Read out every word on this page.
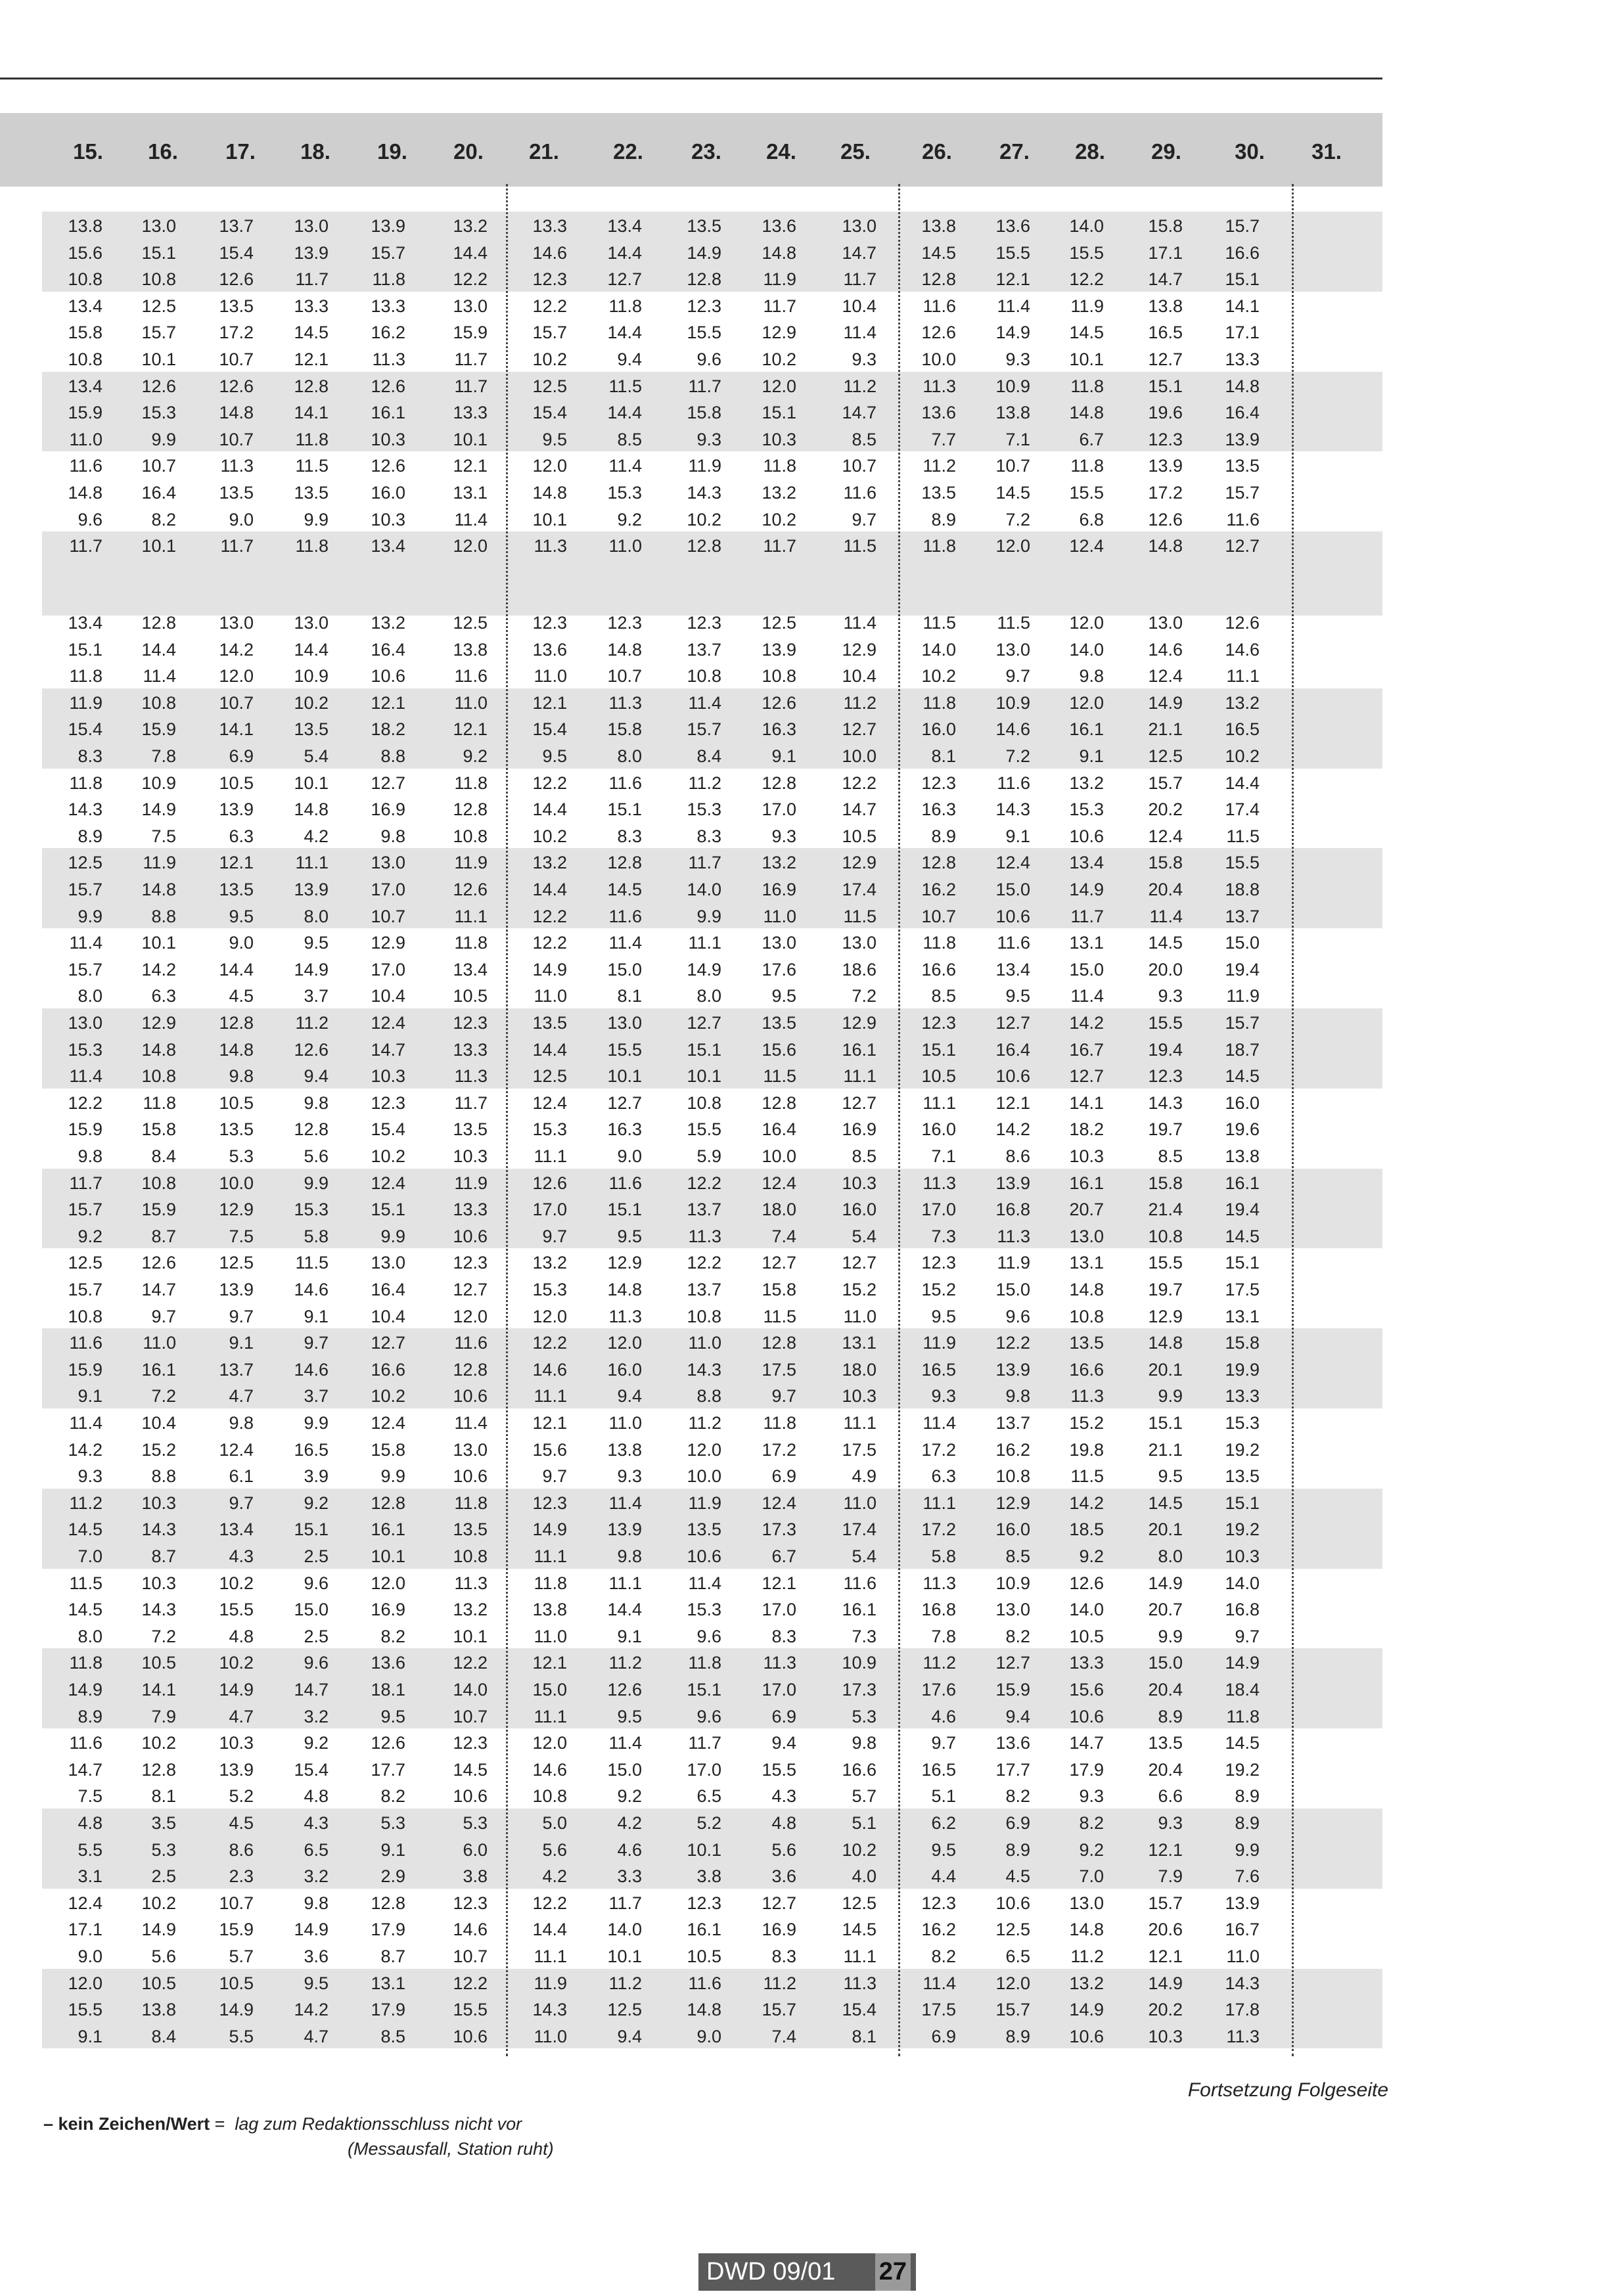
15.	16.	17.	18.	19.	20.	21.	22.	23.	24.	25.	26.	27.	28.	29.	30.	31.
13.8	13.0	13.7	13.0	13.9	13.2	13.3	13.4	13.5	13.6	13.0	13.8	13.6	14.0	15.8	15.7
15.6	15.1	15.4	13.9	15.7	14.4	14.6	14.4	14.9	14.8	14.7	14.5	15.5	15.5	17.1	16.6
10.8	10.8	12.6	11.7	11.8	12.2	12.3	12.7	12.8	11.9	11.7	12.8	12.1	12.2	14.7	15.1
13.4	12.5	13.5	13.3	13.3	13.0	12.2	11.8	12.3	11.7	10.4	11.6	11.4	11.9	13.8	14.1
15.8	15.7	17.2	14.5	16.2	15.9	15.7	14.4	15.5	12.9	11.4	12.6	14.9	14.5	16.5	17.1
10.8	10.1	10.7	12.1	11.3	11.7	10.2	9.4	9.6	10.2	9.3	10.0	9.3	10.1	12.7	13.3
13.4	12.6	12.6	12.8	12.6	11.7	12.5	11.5	11.7	12.0	11.2	11.3	10.9	11.8	15.1	14.8
15.9	15.3	14.8	14.1	16.1	13.3	15.4	14.4	15.8	15.1	14.7	13.6	13.8	14.8	19.6	16.4
11.0	9.9	10.7	11.8	10.3	10.1	9.5	8.5	9.3	10.3	8.5	7.7	7.1	6.7	12.3	13.9
11.6	10.7	11.3	11.5	12.6	12.1	12.0	11.4	11.9	11.8	10.7	11.2	10.7	11.8	13.9	13.5
14.8	16.4	13.5	13.5	16.0	13.1	14.8	15.3	14.3	13.2	11.6	13.5	14.5	15.5	17.2	15.7
9.6	8.2	9.0	9.9	10.3	11.4	10.1	9.2	10.2	10.2	9.7	8.9	7.2	6.8	12.6	11.6
11.7	10.1	11.7	11.8	13.4	12.0	11.3	11.0	12.8	11.7	11.5	11.8	12.0	12.4	14.8	12.7
13.4	12.8	13.0	13.0	13.2	12.5	12.3	12.3	12.3	12.5	11.4	11.5	11.5	12.0	13.0	12.6
15.1	14.4	14.2	14.4	16.4	13.8	13.6	14.8	13.7	13.9	12.9	14.0	13.0	14.0	14.6	14.6
11.8	11.4	12.0	10.9	10.6	11.6	11.0	10.7	10.8	10.8	10.4	10.2	9.7	9.8	12.4	11.1
11.9	10.8	10.7	10.2	12.1	11.0	12.1	11.3	11.4	12.6	11.2	11.8	10.9	12.0	14.9	13.2
15.4	15.9	14.1	13.5	18.2	12.1	15.4	15.8	15.7	16.3	12.7	16.0	14.6	16.1	21.1	16.5
8.3	7.8	6.9	5.4	8.8	9.2	9.5	8.0	8.4	9.1	10.0	8.1	7.2	9.1	12.5	10.2
11.8	10.9	10.5	10.1	12.7	11.8	12.2	11.6	11.2	12.8	12.2	12.3	11.6	13.2	15.7	14.4
14.3	14.9	13.9	14.8	16.9	12.8	14.4	15.1	15.3	17.0	14.7	16.3	14.3	15.3	20.2	17.4
8.9	7.5	6.3	4.2	9.8	10.8	10.2	8.3	8.3	9.3	10.5	8.9	9.1	10.6	12.4	11.5
12.5	11.9	12.1	11.1	13.0	11.9	13.2	12.8	11.7	13.2	12.9	12.8	12.4	13.4	15.8	15.5
15.7	14.8	13.5	13.9	17.0	12.6	14.4	14.5	14.0	16.9	17.4	16.2	15.0	14.9	20.4	18.8
9.9	8.8	9.5	8.0	10.7	11.1	12.2	11.6	9.9	11.0	11.5	10.7	10.6	11.7	11.4	13.7
11.4	10.1	9.0	9.5	12.9	11.8	12.2	11.4	11.1	13.0	13.0	11.8	11.6	13.1	14.5	15.0
15.7	14.2	14.4	14.9	17.0	13.4	14.9	15.0	14.9	17.6	18.6	16.6	13.4	15.0	20.0	19.4
8.0	6.3	4.5	3.7	10.4	10.5	11.0	8.1	8.0	9.5	7.2	8.5	9.5	11.4	9.3	11.9
13.0	12.9	12.8	11.2	12.4	12.3	13.5	13.0	12.7	13.5	12.9	12.3	12.7	14.2	15.5	15.7
15.3	14.8	14.8	12.6	14.7	13.3	14.4	15.5	15.1	15.6	16.1	15.1	16.4	16.7	19.4	18.7
11.4	10.8	9.8	9.4	10.3	11.3	12.5	10.1	10.1	11.5	11.1	10.5	10.6	12.7	12.3	14.5
12.2	11.8	10.5	9.8	12.3	11.7	12.4	12.7	10.8	12.8	12.7	11.1	12.1	14.1	14.3	16.0
15.9	15.8	13.5	12.8	15.4	13.5	15.3	16.3	15.5	16.4	16.9	16.0	14.2	18.2	19.7	19.6
9.8	8.4	5.3	5.6	10.2	10.3	11.1	9.0	5.9	10.0	8.5	7.1	8.6	10.3	8.5	13.8
11.7	10.8	10.0	9.9	12.4	11.9	12.6	11.6	12.2	12.4	10.3	11.3	13.9	16.1	15.8	16.1
15.7	15.9	12.9	15.3	15.1	13.3	17.0	15.1	13.7	18.0	16.0	17.0	16.8	20.7	21.4	19.4
9.2	8.7	7.5	5.8	9.9	10.6	9.7	9.5	11.3	7.4	5.4	7.3	11.3	13.0	10.8	14.5
12.5	12.6	12.5	11.5	13.0	12.3	13.2	12.9	12.2	12.7	12.7	12.3	11.9	13.1	15.5	15.1
15.7	14.7	13.9	14.6	16.4	12.7	15.3	14.8	13.7	15.8	15.2	15.2	15.0	14.8	19.7	17.5
10.8	9.7	9.7	9.1	10.4	12.0	12.0	11.3	10.8	11.5	11.0	9.5	9.6	10.8	12.9	13.1
11.6	11.0	9.1	9.7	12.7	11.6	12.2	12.0	11.0	12.8	13.1	11.9	12.2	13.5	14.8	15.8
15.9	16.1	13.7	14.6	16.6	12.8	14.6	16.0	14.3	17.5	18.0	16.5	13.9	16.6	20.1	19.9
9.1	7.2	4.7	3.7	10.2	10.6	11.1	9.4	8.8	9.7	10.3	9.3	9.8	11.3	9.9	13.3
11.4	10.4	9.8	9.9	12.4	11.4	12.1	11.0	11.2	11.8	11.1	11.4	13.7	15.2	15.1	15.3
14.2	15.2	12.4	16.5	15.8	13.0	15.6	13.8	12.0	17.2	17.5	17.2	16.2	19.8	21.1	19.2
9.3	8.8	6.1	3.9	9.9	10.6	9.7	9.3	10.0	6.9	4.9	6.3	10.8	11.5	9.5	13.5
11.2	10.3	9.7	9.2	12.8	11.8	12.3	11.4	11.9	12.4	11.0	11.1	12.9	14.2	14.5	15.1
14.5	14.3	13.4	15.1	16.1	13.5	14.9	13.9	13.5	17.3	17.4	17.2	16.0	18.5	20.1	19.2
7.0	8.7	4.3	2.5	10.1	10.8	11.1	9.8	10.6	6.7	5.4	5.8	8.5	9.2	8.0	10.3
11.5	10.3	10.2	9.6	12.0	11.3	11.8	11.1	11.4	12.1	11.6	11.3	10.9	12.6	14.9	14.0
14.5	14.3	15.5	15.0	16.9	13.2	13.8	14.4	15.3	17.0	16.1	16.8	13.0	14.0	20.7	16.8
8.0	7.2	4.8	2.5	8.2	10.1	11.0	9.1	9.6	8.3	7.3	7.8	8.2	10.5	9.9	9.7
11.8	10.5	10.2	9.6	13.6	12.2	12.1	11.2	11.8	11.3	10.9	11.2	12.7	13.3	15.0	14.9
14.9	14.1	14.9	14.7	18.1	14.0	15.0	12.6	15.1	17.0	17.3	17.6	15.9	15.6	20.4	18.4
8.9	7.9	4.7	3.2	9.5	10.7	11.1	9.5	9.6	6.9	5.3	4.6	9.4	10.6	8.9	11.8
11.6	10.2	10.3	9.2	12.6	12.3	12.0	11.4	11.7	9.4	9.8	9.7	13.6	14.7	13.5	14.5
14.7	12.8	13.9	15.4	17.7	14.5	14.6	15.0	17.0	15.5	16.6	16.5	17.7	17.9	20.4	19.2
7.5	8.1	5.2	4.8	8.2	10.6	10.8	9.2	6.5	4.3	5.7	5.1	8.2	9.3	6.6	8.9
4.8	3.5	4.5	4.3	5.3	5.3	5.0	4.2	5.2	4.8	5.1	6.2	6.9	8.2	9.3	8.9
5.5	5.3	8.6	6.5	9.1	6.0	5.6	4.6	10.1	5.6	10.2	9.5	8.9	9.2	12.1	9.9
3.1	2.5	2.3	3.2	2.9	3.8	4.2	3.3	3.8	3.6	4.0	4.4	4.5	7.0	7.9	7.6
12.4	10.2	10.7	9.8	12.8	12.3	12.2	11.7	12.3	12.7	12.5	12.3	10.6	13.0	15.7	13.9
17.1	14.9	15.9	14.9	17.9	14.6	14.4	14.0	16.1	16.9	14.5	16.2	12.5	14.8	20.6	16.7
9.0	5.6	5.7	3.6	8.7	10.7	11.1	10.1	10.5	8.3	11.1	8.2	6.5	11.2	12.1	11.0
12.0	10.5	10.5	9.5	13.1	12.2	11.9	11.2	11.6	11.2	11.3	11.4	12.0	13.2	14.9	14.3
15.5	13.8	14.9	14.2	17.9	15.5	14.3	12.5	14.8	15.7	15.4	17.5	15.7	14.9	20.2	17.8
9.1	8.4	5.5	4.7	8.5	10.6	11.0	9.4	9.0	7.4	8.1	6.9	8.9	10.6	10.3	11.3
– kein Zeichen/Wert = lag zum Redaktionsschluss nicht vor
(Messausfall, Station ruht)
Fortsetzung Folgeseite
DWD 09/01 27
